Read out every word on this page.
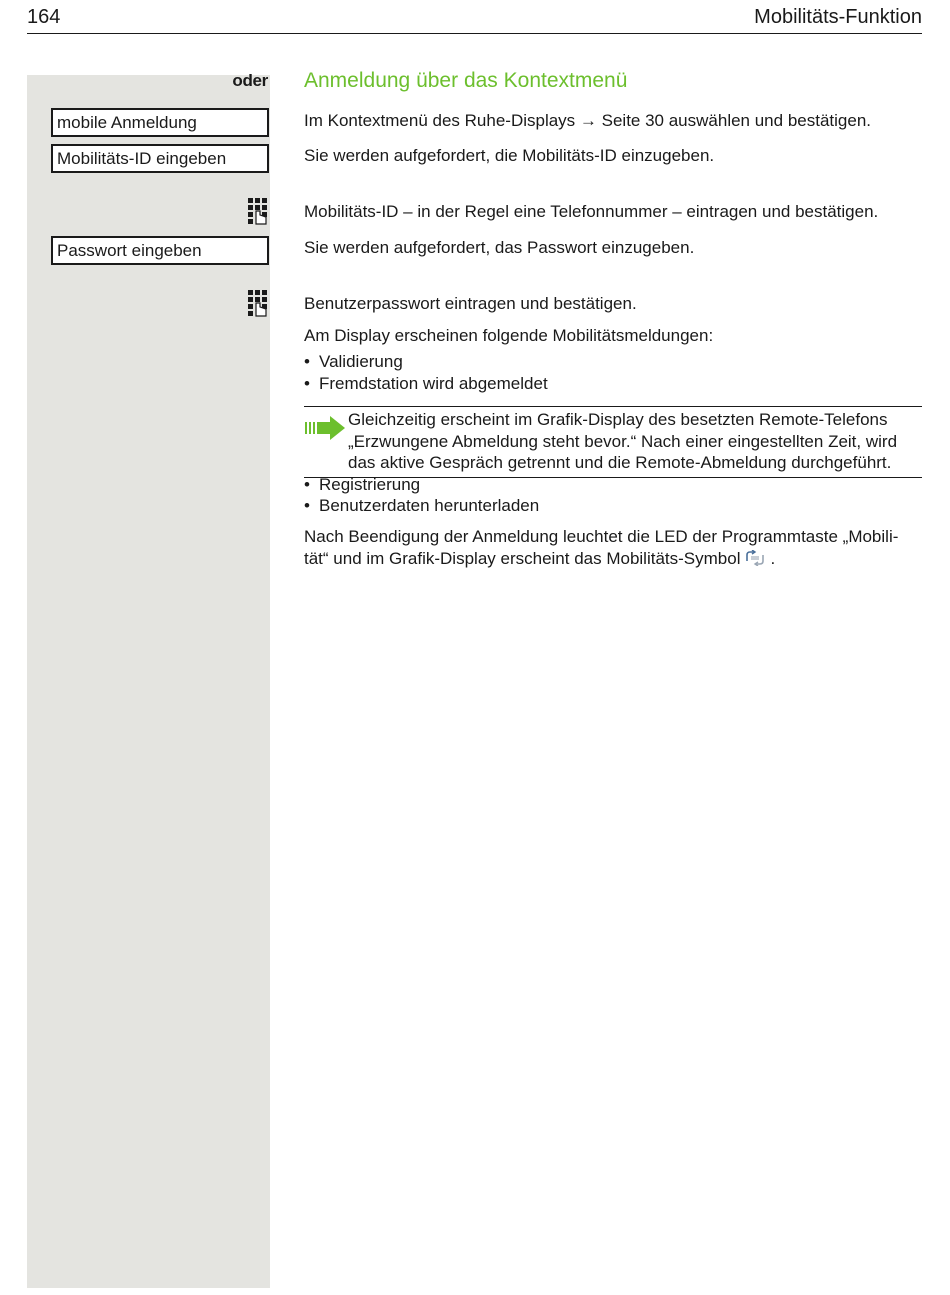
164	Mobilitäts-Funktion
oder
mobile Anmeldung
Mobilitäts-ID eingeben
Passwort eingeben
Anmeldung über das Kontextmenü
Im Kontextmenü des Ruhe-Displays → Seite 30 auswählen und bestätigen.
Sie werden aufgefordert, die Mobilitäts-ID einzugeben.
Mobilitäts-ID – in der Regel eine Telefonnummer – eintragen und bestätigen.
Sie werden aufgefordert, das Passwort einzugeben.
Benutzerpasswort eintragen und bestätigen.
Am Display erscheinen folgende Mobilitätsmeldungen:
• Validierung
• Fremdstation wird abgemeldet
Gleichzeitig erscheint im Grafik-Display des besetzten Remote-Telefons
„Erzwungene Abmeldung steht bevor.“ Nach einer eingestellten Zeit, wird
das aktive Gespräch getrennt und die Remote-Abmeldung durchgeführt.
• Registrierung
• Benutzerdaten herunterladen
Nach Beendigung der Anmeldung leuchtet die LED der Programmtaste „Mobili-
tät“ und im Grafik-Display erscheint das Mobilitäts-Symbol .
